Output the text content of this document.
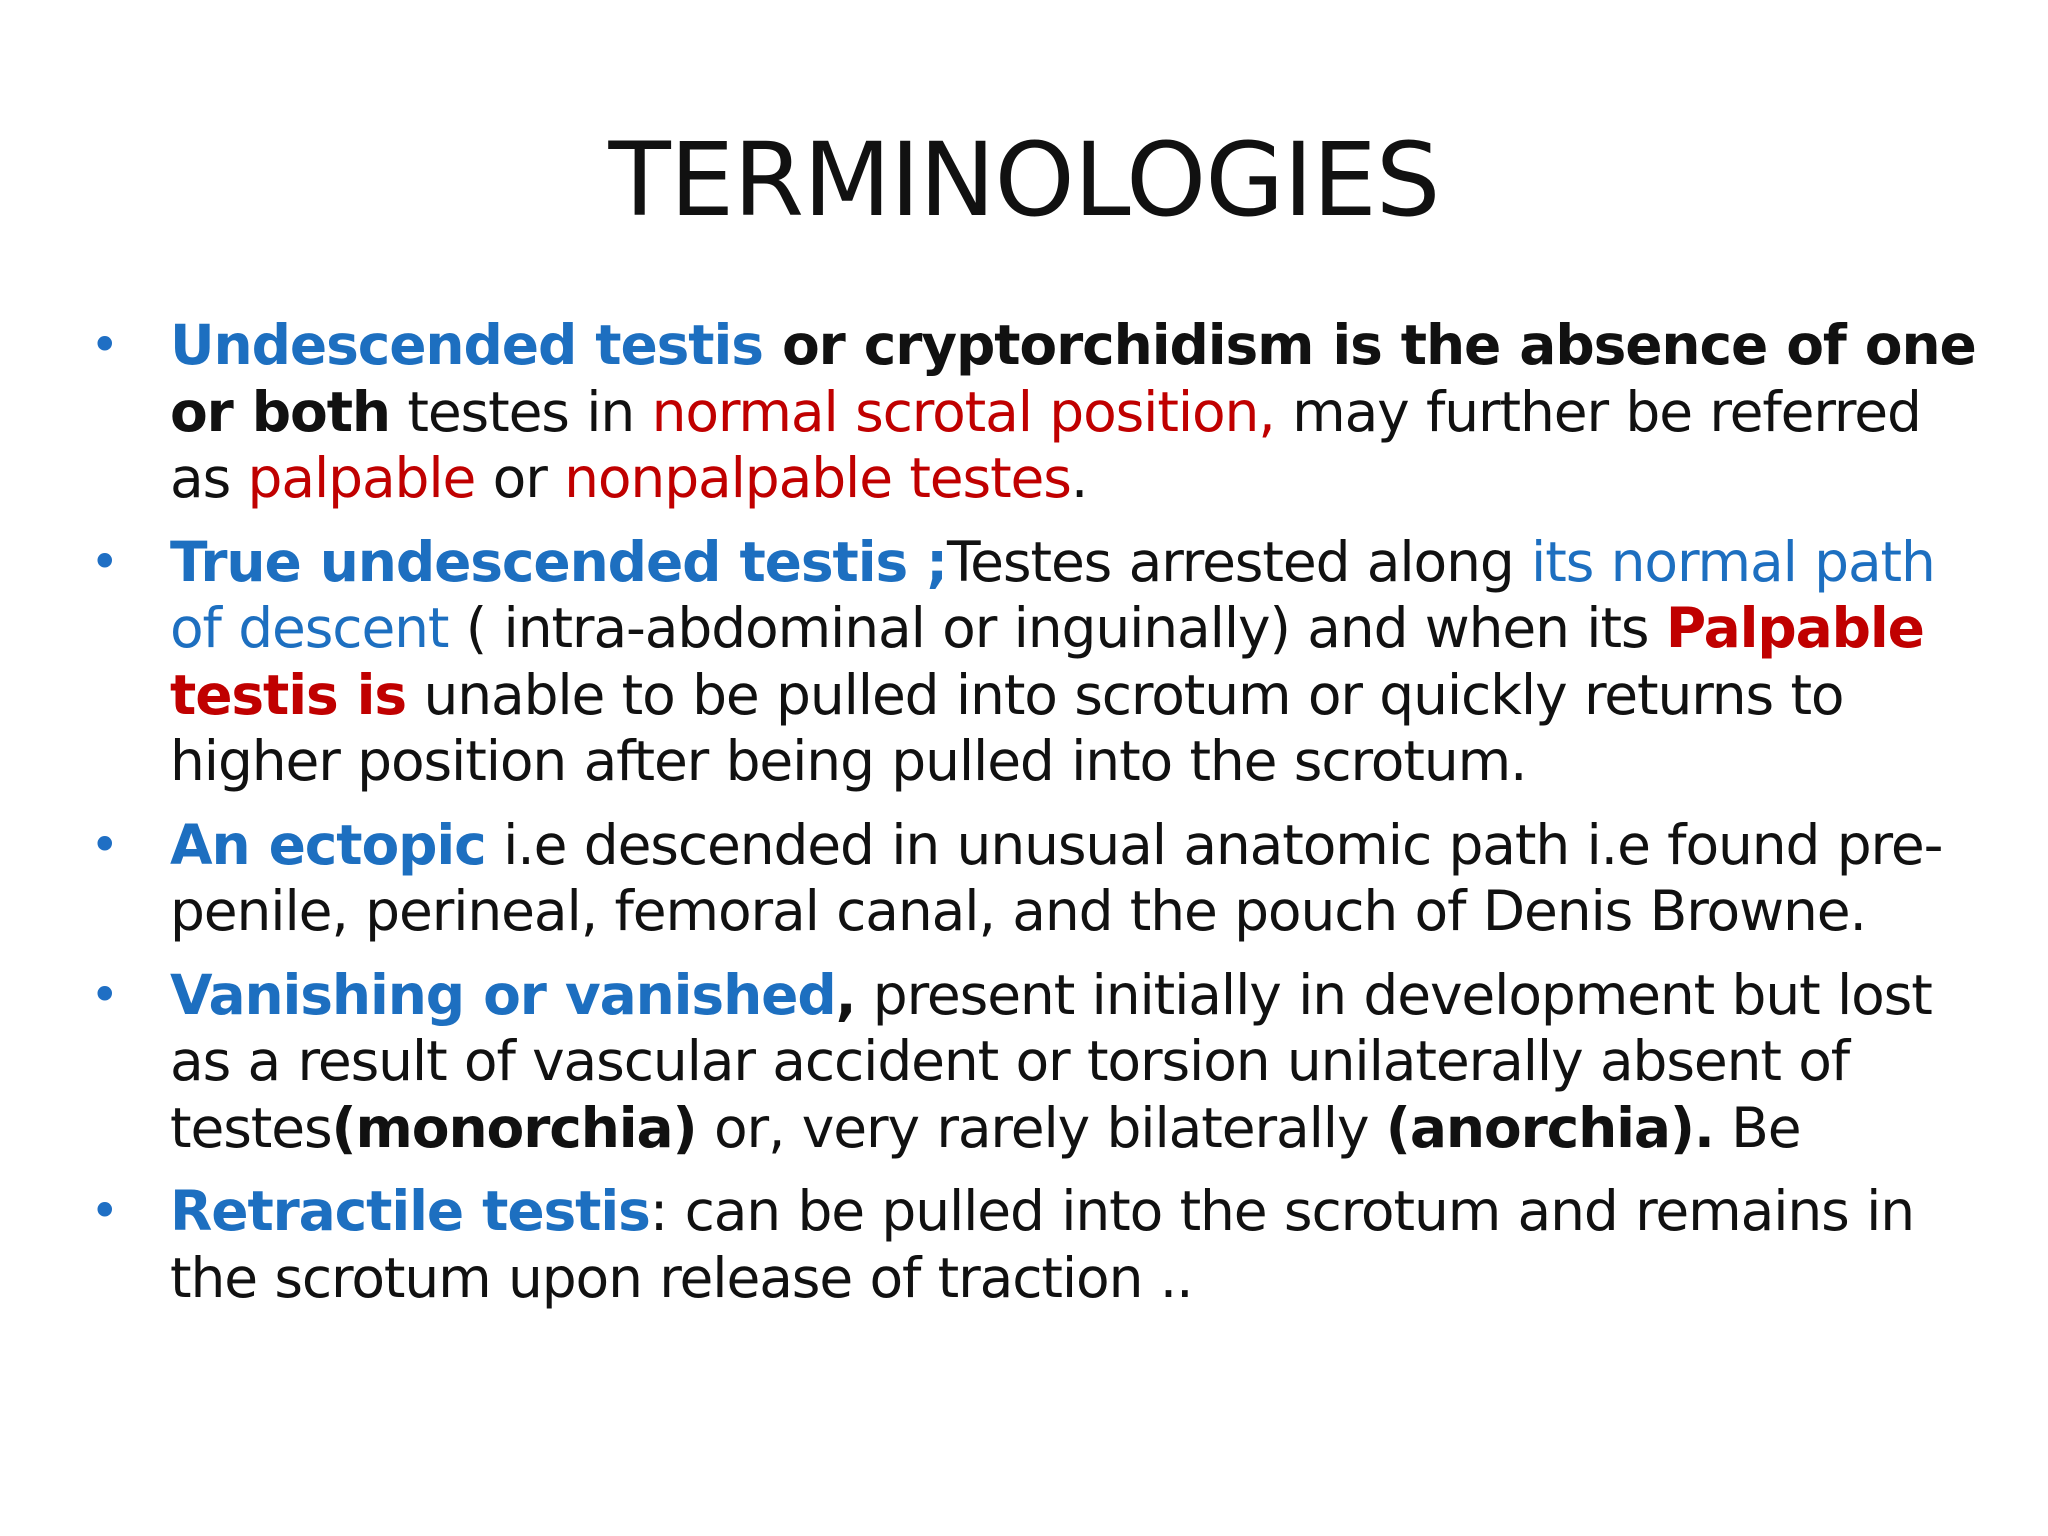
TERMINOLOGIES
• Undescended testis or cryptorchidism is the absence of one or both testes in normal scrotal position, may further be referred as palpable or nonpalpable testes.
• True undescended testis ;Testes arrested along its normal path of descent ( intra-abdominal or inguinally) and when its Palpable testis is unable to be pulled into scrotum or quickly returns to higher position after being pulled into the scrotum.
• An ectopic i.e descended in unusual anatomic path i.e found pre-penile, perineal, femoral canal, and the pouch of Denis Browne.
• Vanishing or vanished, present initially in development but lost as a result of vascular accident or torsion unilaterally absent of testes(monorchia) or, very rarely bilaterally (anorchia). Be
• Retractile testis: can be pulled into the scrotum and remains in the scrotum upon release of traction ..
